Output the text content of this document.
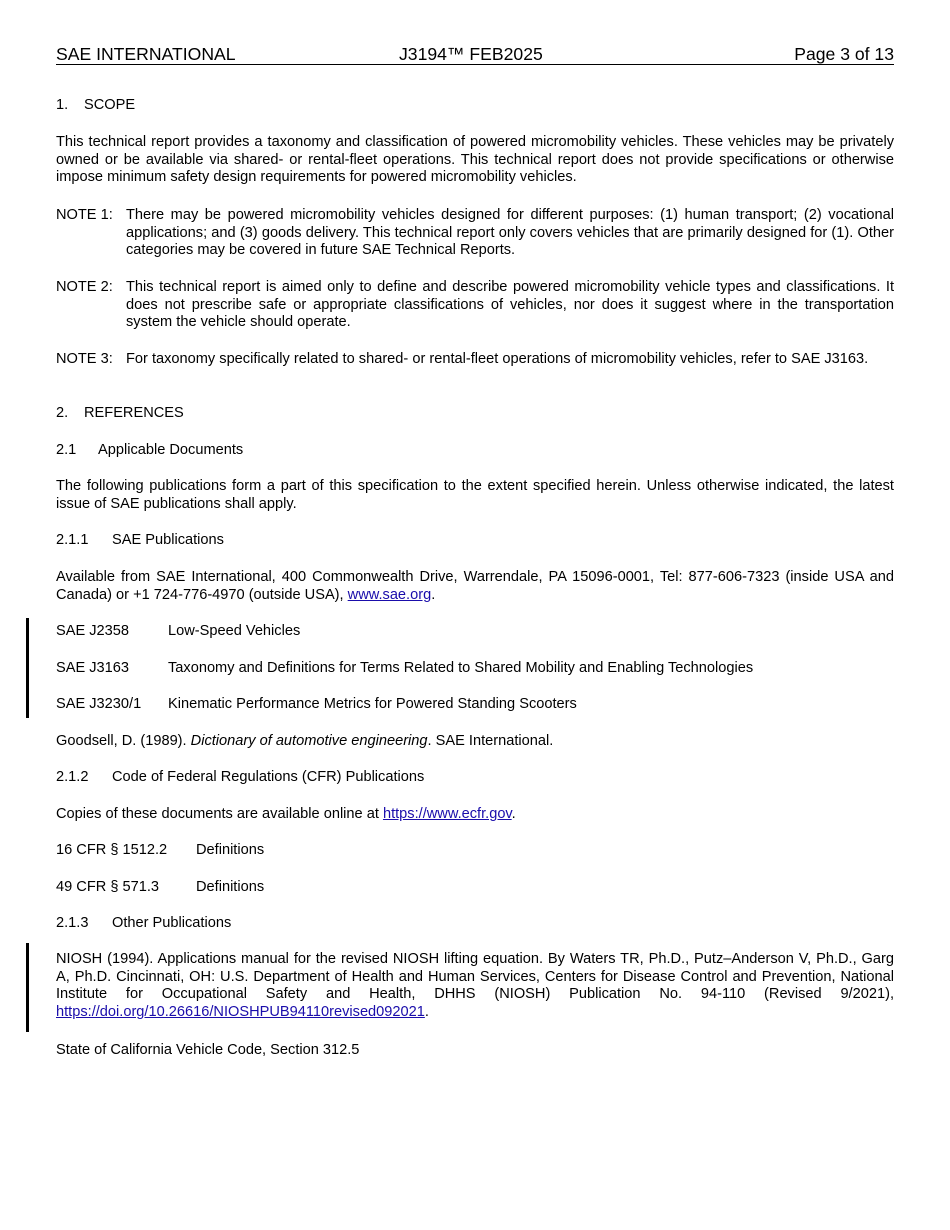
SAE INTERNATIONAL	J3194™ FEB2025	Page 3 of 13

1. SCOPE

This technical report provides a taxonomy and classification of powered micromobility vehicles. These vehicles may be privately owned or be available via shared- or rental-fleet operations. This technical report does not provide specifications or otherwise impose minimum safety design requirements for powered micromobility vehicles.

NOTE 1: There may be powered micromobility vehicles designed for different purposes: (1) human transport; (2) vocational applications; and (3) goods delivery. This technical report only covers vehicles that are primarily designed for (1). Other categories may be covered in future SAE Technical Reports.

NOTE 2: This technical report is aimed only to define and describe powered micromobility vehicle types and classifications. It does not prescribe safe or appropriate classifications of vehicles, nor does it suggest where in the transportation system the vehicle should operate.

NOTE 3: For taxonomy specifically related to shared- or rental-fleet operations of micromobility vehicles, refer to SAE J3163.

2. REFERENCES

2.1 Applicable Documents

The following publications form a part of this specification to the extent specified herein. Unless otherwise indicated, the latest issue of SAE publications shall apply.

2.1.1 SAE Publications

Available from SAE International, 400 Commonwealth Drive, Warrendale, PA 15096-0001, Tel: 877-606-7323 (inside USA and Canada) or +1 724-776-4970 (outside USA), www.sae.org.

SAE J2358	Low-Speed Vehicles

SAE J3163	Taxonomy and Definitions for Terms Related to Shared Mobility and Enabling Technologies

SAE J3230/1 Kinematic Performance Metrics for Powered Standing Scooters

Goodsell, D. (1989). Dictionary of automotive engineering. SAE International.

2.1.2 Code of Federal Regulations (CFR) Publications

Copies of these documents are available online at https://www.ecfr.gov.

16 CFR § 1512.2 Definitions

49 CFR § 571.3	Definitions

2.1.3 Other Publications

NIOSH (1994). Applications manual for the revised NIOSH lifting equation. By Waters TR, Ph.D., Putz–Anderson V, Ph.D., Garg A, Ph.D. Cincinnati, OH: U.S. Department of Health and Human Services, Centers for Disease Control and Prevention, National Institute for Occupational Safety and Health, DHHS (NIOSH) Publication No. 94-110 (Revised 9/2021), https://doi.org/10.26616/NIOSHPUB94110revised092021.

State of California Vehicle Code, Section 312.5
